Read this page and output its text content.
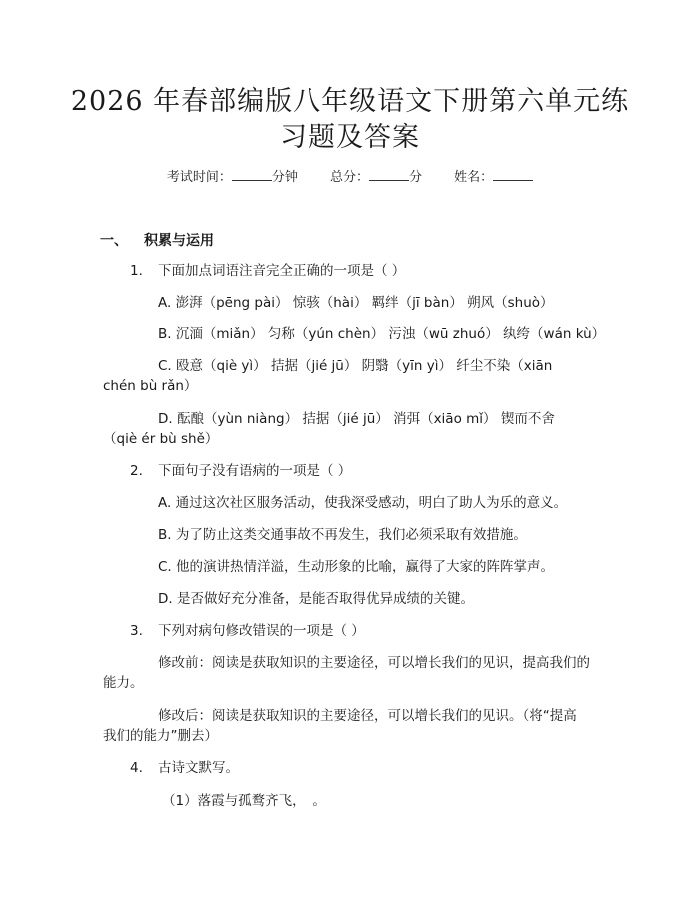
2026 年春部编版八年级语文下册第六单元练
习题及答案
考试时间：	分钟 总分：	分 姓名：
一、 积累与运用
1. 下面加点词语注音完全正确的一项是（ ）
A. 澎湃（pēng pài） 惊骇（hài） 羁绊（jī bàn） 朔风（shuò）
B. 沉湎（miǎn） 匀称（yún chèn） 污浊（wū zhuó） 纨绔（wán kù）
C. 殴意（qiè yì） 拮据（jié jū） 阴翳（yīn yì） 纤尘不染（xiān
chén bù rǎn）
D. 酝酿（yùn niàng） 拮据（jié jū） 消弭（xiāo mǐ） 锲而不舍
（qiè ér bù shě）
2. 下面句子没有语病的一项是（ ）
A. 通过这次社区服务活动，使我深受感动，明白了助人为乐的意义。
B. 为了防止这类交通事故不再发生，我们必须采取有效措施。
C. 他的演讲热情洋溢，生动形象的比喻，赢得了大家的阵阵掌声。
D. 是否做好充分准备，是能否取得优异成绩的关键。
3. 下列对病句修改错误的一项是（ ）
修改前：阅读是获取知识的主要途径，可以增长我们的见识，提高我们的
能力。
修改后：阅读是获取知识的主要途径，可以增长我们的见识。（将“提高
我们的能力”删去）
4. 古诗文默写。
（1）落霞与孤鹜齐飞，　。
